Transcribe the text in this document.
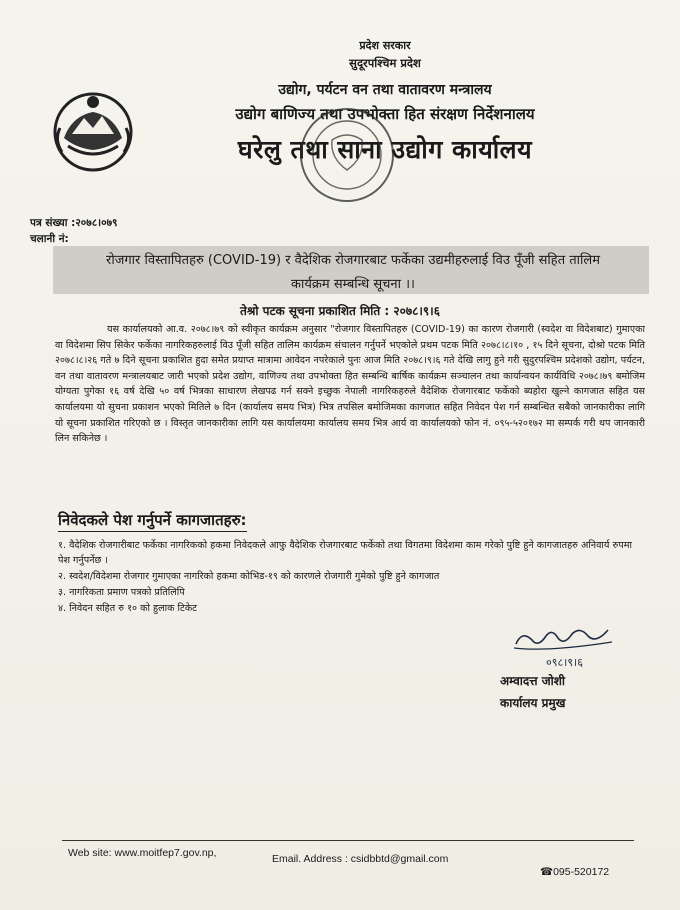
प्रदेश सरकार
सुदूरपश्चिम प्रदेश
उद्योग, पर्यटन वन तथा वातावरण मन्त्रालय
उद्योग बाणिज्य तथा उपभोक्ता हित संरक्षण निर्देशनालय
घरेलु तथा साना उद्योग कार्यालय
पत्र संख्या :२०७८।०७९
चलानी नं:
रोजगार विस्तापितहरु (COVID-19) र वैदेशिक रोजगारबाट फर्केका उद्यमीहरुलाई विउ पूँजी सहित तालिम
कार्यक्रम सम्बन्धि सूचना ।।
तेश्रो पटक सूचना प्रकाशित मिति : २०७८।९।६

यस कार्यालयको आ.व. २०७८।७९ को स्वीकृत कार्यक्रम अनुसार "रोजगार विस्तापितहरु (COVID-19) का कारण रोजगारी (स्वदेश वा विदेशबाट) गुमाएका वा विदेशमा सिप सिकेर फर्केका नागरिकहरुलाई विउ पूँजी सहित तालिम कार्यक्रम संचालन गर्नुपर्ने भएकोले प्रथम पटक मिति २०७८।८।१० , १५ दिने सूचना, दोश्रो पटक मिति २०७८।८।२६ गते ७ दिने सूचना प्रकाशित हुदा समेत प्रयाप्त मात्रामा आवेदन नपरेकाले पुनः आज मिति २०७८।९।६ गते देखि लागु हुने गरी सुदुरपश्चिम प्रदेशको उद्योग, पर्यटन, वन तथा वातावरण मन्त्रालयबाट जारी भएको प्रदेश उद्योग, वाणिज्य तथा उपभोक्ता हित सम्बन्धि बार्षिक कार्यक्रम सञ्चालन तथा कार्यान्वयन कार्यविधि २०७८।७९ बमोजिम योग्यता पुगेका १६ वर्ष देखि ५० वर्ष भित्रका साधारण लेखपढ गर्न सक्ने इच्छुक नेपाली नागरिकहरुले वैदेशिक रोजगारबाट फर्केको ब्यहोरा खुल्ने कागजात सहित यस कार्यालयमा यो सुचना प्रकाशन भएको मितिले ७ दिन (कार्यालय समय भित्र) भित्र तपसिल बमोजिमका कागजात सहित निवेदन पेश गर्न सम्बन्धित सबैको जानकारीका लागि यो सूचना प्रकाशित गरिएको छ । विस्तृत जानकारीका लागि यस कार्यालयमा कार्यालय समय भित्र आर्य वा कार्यालयको फोन नं. ०९५-५२०१७२ मा सम्पर्क गरी थप जानकारी लिन सकिनेछ ।

निवेदकले पेश गर्नुपर्ने कागजातहरु:
१. वैदेशिक रोजगारीबाट फर्केका नागरिकको हकमा निवेदकले आफु वैदेशिक रोजगारबाट फर्केको तथा विगतमा विदेशमा काम गरेको पुष्टि हुने कागजातहरु अनिवार्य रुपमा पेश गर्नुपर्नेछ ।
२. स्वदेश/विदेशमा रोजगार गुमाएका नागरिको हकमा कोभिड-१९ को कारणले रोजगारी गुमेको पुष्टि हुने कागजात
३. नागरिकता प्रमाण पत्रको प्रतिलिपि
४. निवेदन सहित रु १० को हुलाक टिकेट
०९८।९।६
अम्वादत्त जोशी
कार्यालय प्रमुख
Web site: www.moitfep7.gov.np,	Email. Address : csidbbtd@gmail.com
☎095-520172
